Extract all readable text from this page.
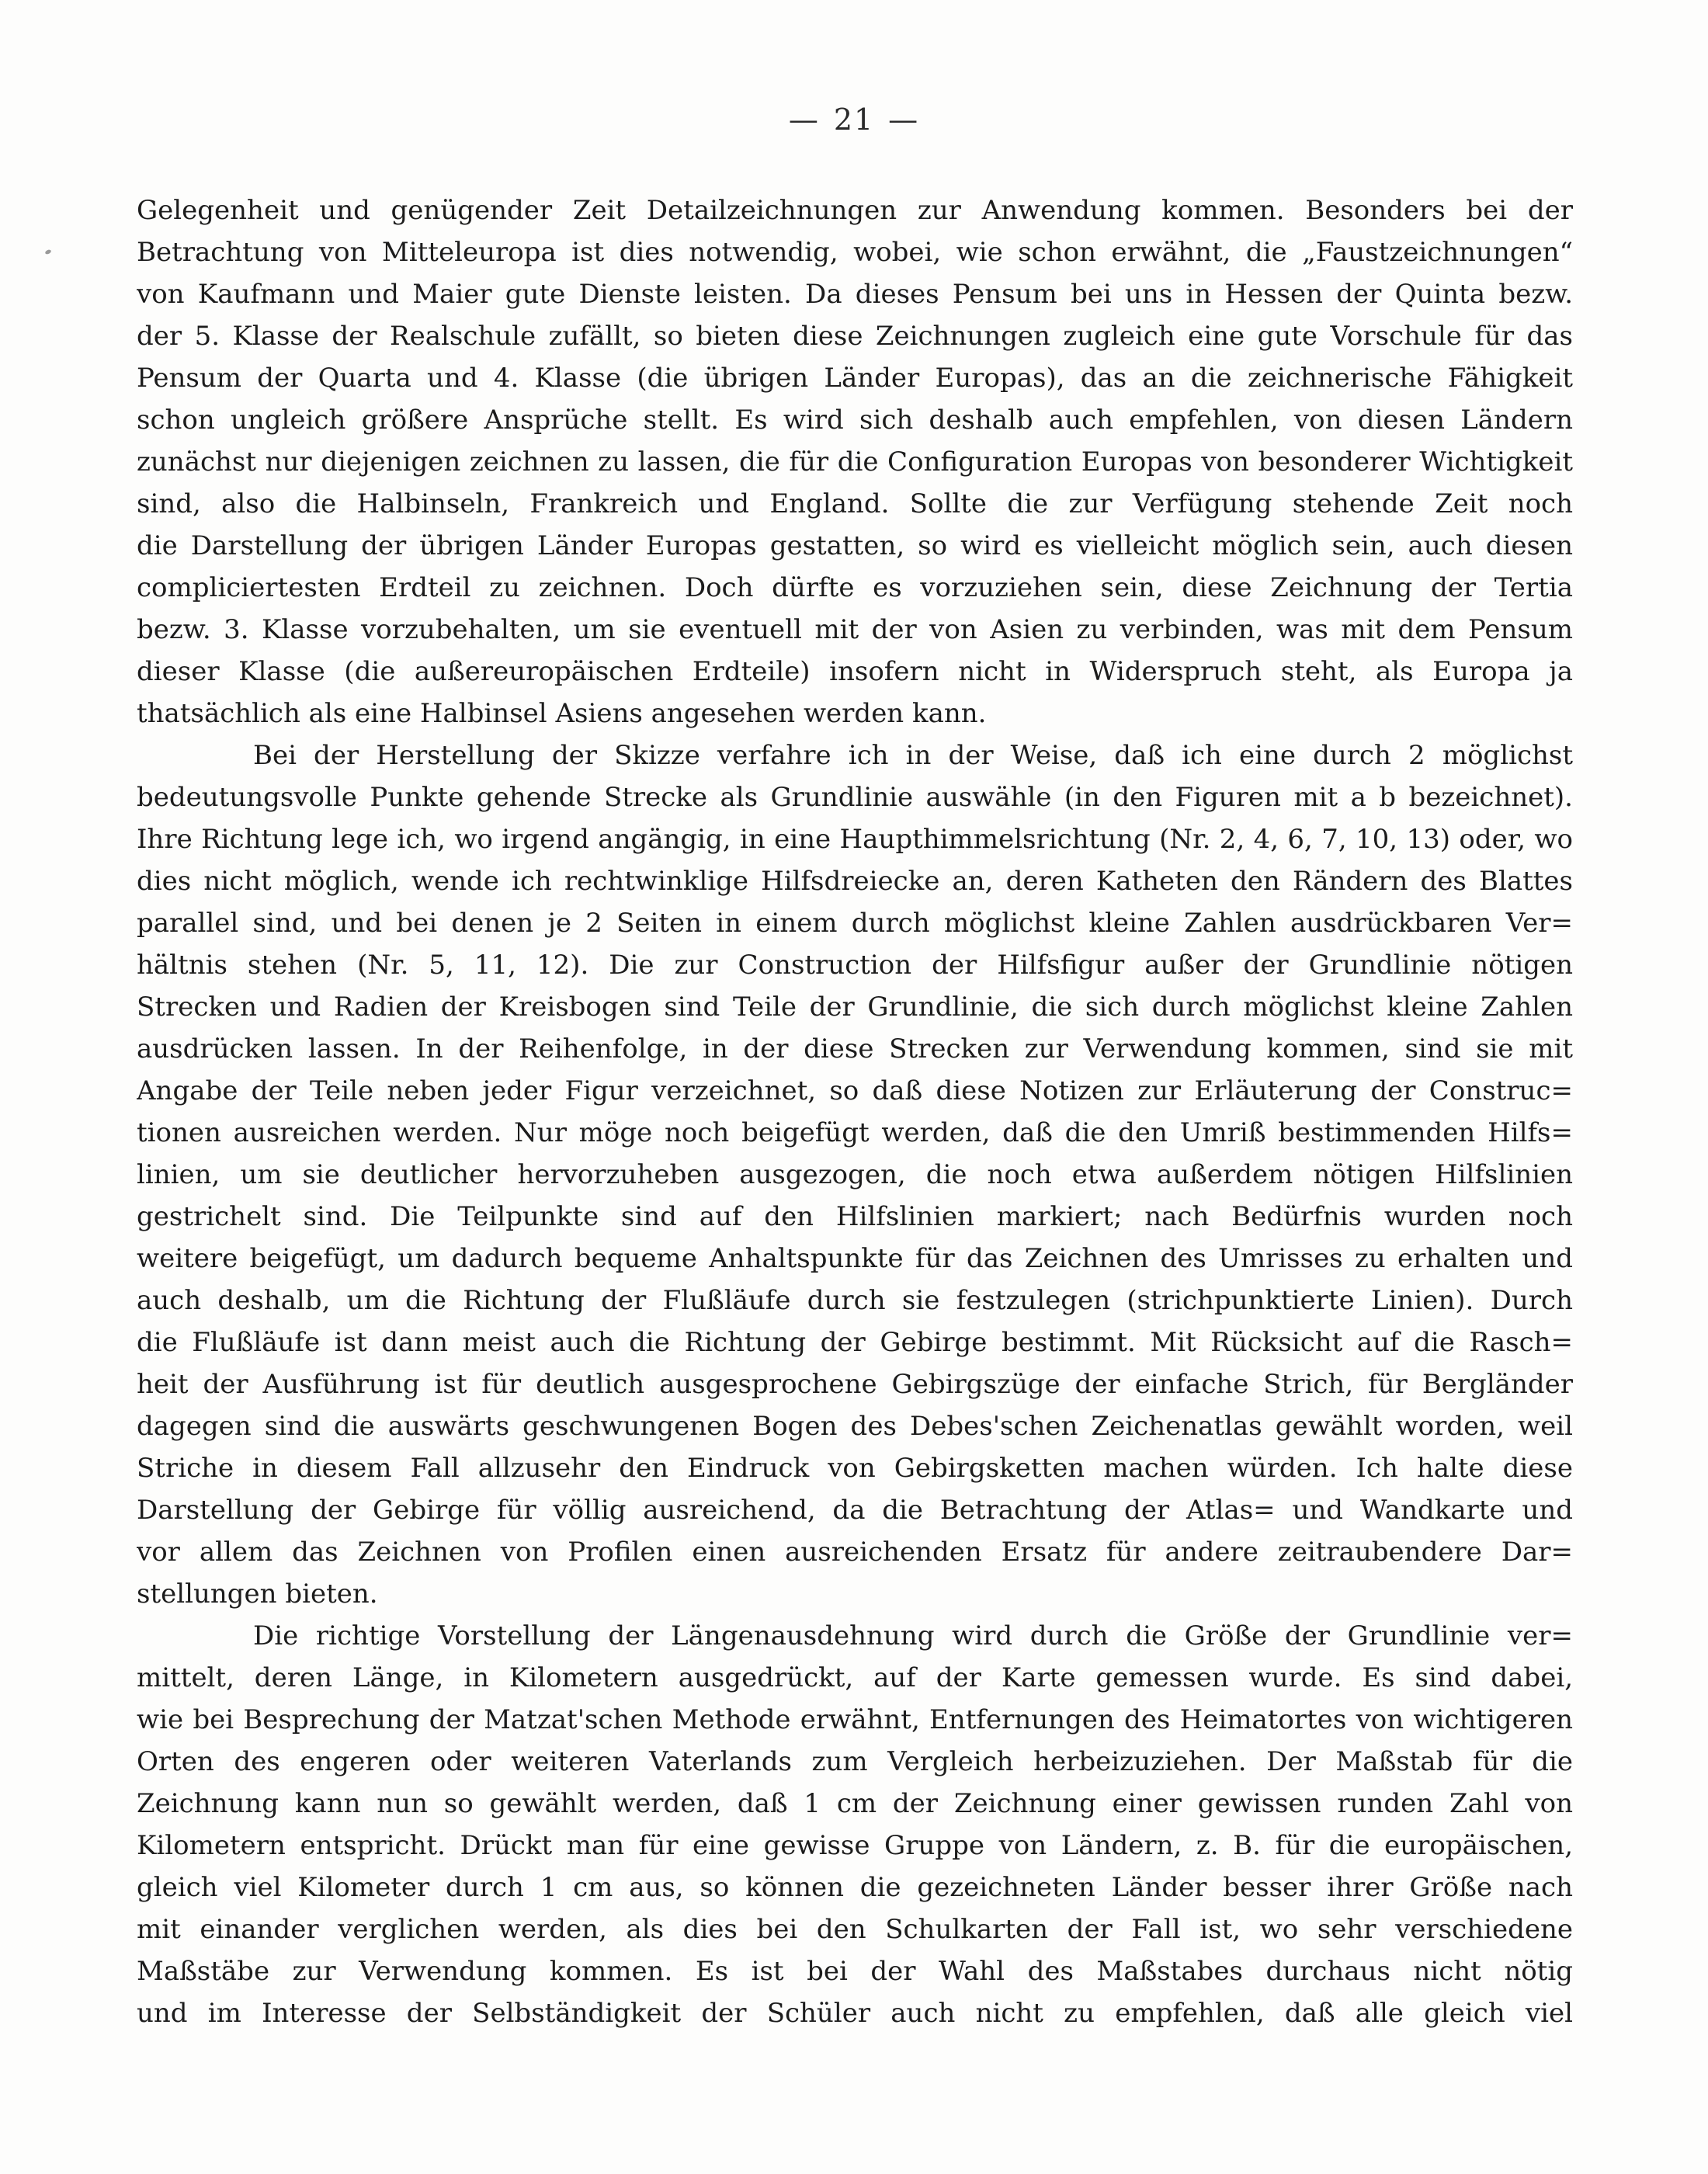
— 21 —
Gelegenheit und genügender Zeit Detailzeichnungen zur Anwendung kommen. Besonders bei der
Betrachtung von Mitteleuropa ist dies notwendig, wobei, wie schon erwähnt, die „Faustzeichnungen“
von Kaufmann und Maier gute Dienste leisten. Da dieses Pensum bei uns in Hessen der Quinta bezw.
der 5. Klasse der Realschule zufällt, so bieten diese Zeichnungen zugleich eine gute Vorschule für das
Pensum der Quarta und 4. Klasse (die übrigen Länder Europas), das an die zeichnerische Fähigkeit
schon ungleich größere Ansprüche stellt. Es wird sich deshalb auch empfehlen, von diesen Ländern
zunächst nur diejenigen zeichnen zu lassen, die für die Configuration Europas von besonderer Wichtigkeit
sind, also die Halbinseln, Frankreich und England. Sollte die zur Verfügung stehende Zeit noch
die Darstellung der übrigen Länder Europas gestatten, so wird es vielleicht möglich sein, auch diesen
compliciertesten Erdteil zu zeichnen. Doch dürfte es vorzuziehen sein, diese Zeichnung der Tertia
bezw. 3. Klasse vorzubehalten, um sie eventuell mit der von Asien zu verbinden, was mit dem Pensum
dieser Klasse (die außereuropäischen Erdteile) insofern nicht in Widerspruch steht, als Europa ja
thatsächlich als eine Halbinsel Asiens angesehen werden kann.
Bei der Herstellung der Skizze verfahre ich in der Weise, daß ich eine durch 2 möglichst
bedeutungsvolle Punkte gehende Strecke als Grundlinie auswähle (in den Figuren mit a b bezeichnet).
Ihre Richtung lege ich, wo irgend angängig, in eine Haupthimmelsrichtung (Nr. 2, 4, 6, 7, 10, 13) oder, wo
dies nicht möglich, wende ich rechtwinklige Hilfsdreiecke an, deren Katheten den Rändern des Blattes
parallel sind, und bei denen je 2 Seiten in einem durch möglichst kleine Zahlen ausdrückbaren Ver=
hältnis stehen (Nr. 5, 11, 12). Die zur Construction der Hilfsfigur außer der Grundlinie nötigen
Strecken und Radien der Kreisbogen sind Teile der Grundlinie, die sich durch möglichst kleine Zahlen
ausdrücken lassen. In der Reihenfolge, in der diese Strecken zur Verwendung kommen, sind sie mit
Angabe der Teile neben jeder Figur verzeichnet, so daß diese Notizen zur Erläuterung der Construc=
tionen ausreichen werden. Nur möge noch beigefügt werden, daß die den Umriß bestimmenden Hilfs=
linien, um sie deutlicher hervorzuheben ausgezogen, die noch etwa außerdem nötigen Hilfslinien
gestrichelt sind. Die Teilpunkte sind auf den Hilfslinien markiert; nach Bedürfnis wurden noch
weitere beigefügt, um dadurch bequeme Anhaltspunkte für das Zeichnen des Umrisses zu erhalten und
auch deshalb, um die Richtung der Flußläufe durch sie festzulegen (strichpunktierte Linien). Durch
die Flußläufe ist dann meist auch die Richtung der Gebirge bestimmt. Mit Rücksicht auf die Rasch=
heit der Ausführung ist für deutlich ausgesprochene Gebirgszüge der einfache Strich, für Bergländer
dagegen sind die auswärts geschwungenen Bogen des Debes'schen Zeichenatlas gewählt worden, weil
Striche in diesem Fall allzusehr den Eindruck von Gebirgsketten machen würden. Ich halte diese
Darstellung der Gebirge für völlig ausreichend, da die Betrachtung der Atlas= und Wandkarte und
vor allem das Zeichnen von Profilen einen ausreichenden Ersatz für andere zeitraubendere Dar=
stellungen bieten.
Die richtige Vorstellung der Längenausdehnung wird durch die Größe der Grundlinie ver=
mittelt, deren Länge, in Kilometern ausgedrückt, auf der Karte gemessen wurde. Es sind dabei,
wie bei Besprechung der Matzat'schen Methode erwähnt, Entfernungen des Heimatortes von wichtigeren
Orten des engeren oder weiteren Vaterlands zum Vergleich herbeizuziehen. Der Maßstab für die
Zeichnung kann nun so gewählt werden, daß 1 cm der Zeichnung einer gewissen runden Zahl von
Kilometern entspricht. Drückt man für eine gewisse Gruppe von Ländern, z. B. für die europäischen,
gleich viel Kilometer durch 1 cm aus, so können die gezeichneten Länder besser ihrer Größe nach
mit einander verglichen werden, als dies bei den Schulkarten der Fall ist, wo sehr verschiedene
Maßstäbe zur Verwendung kommen. Es ist bei der Wahl des Maßstabes durchaus nicht nötig
und im Interesse der Selbständigkeit der Schüler auch nicht zu empfehlen, daß alle gleich viel
